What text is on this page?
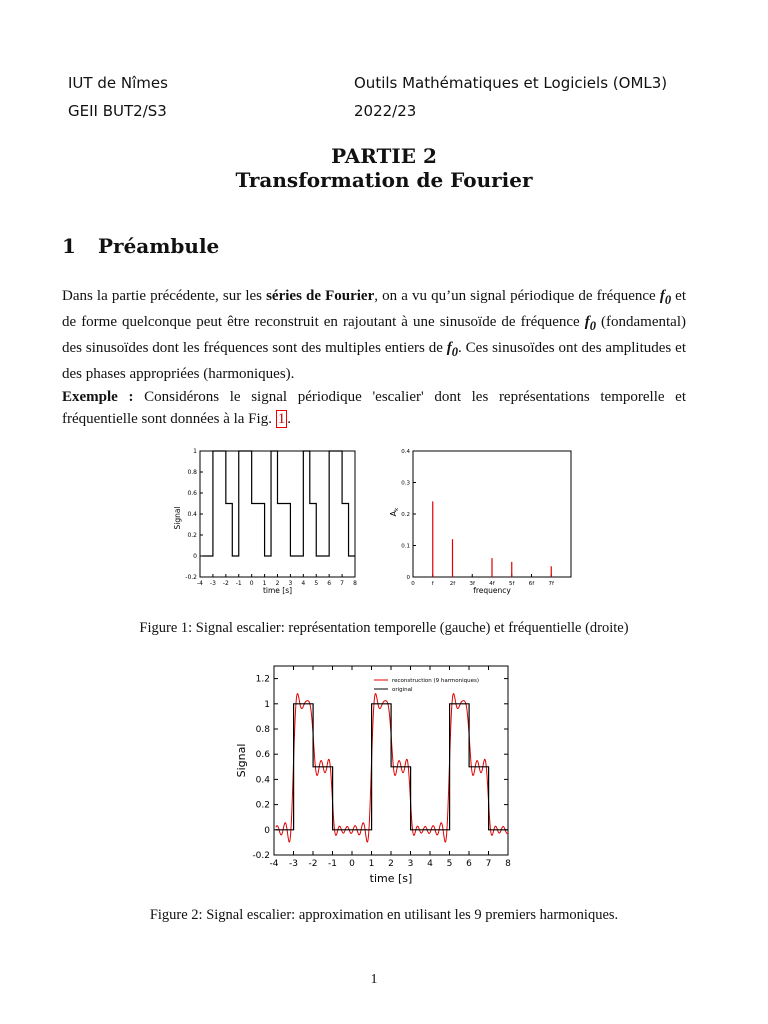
IUT de Nîmes
GEII BUT2/S3
Outils Mathématiques et Logiciels (OML3)
2022/23
PARTIE 2
Transformation de Fourier
1 Préambule
Dans la partie précédente, sur les séries de Fourier, on a vu qu’un signal périodique de fréquence $f_0$ et de forme quelconque peut être reconstruit en rajoutant à une sinusoïde de fréquence $f_0$ (fondamental) des sinusoïdes dont les fréquences sont des multiples entiers de $f_0$. Ces sinusoïdes ont des amplitudes et des phases appropriées (harmoniques).
Exemple : Considérons le signal périodique 'escalier' dont les représentations temporelle et fréquentielle sont données à la Fig. 1 .
-4 -3 -2 -1 0 1 2 3 4 5 6 7 8
-0.2
0
0.2
0.4
0.6
0.8
1
time [s]
Signal
0	f	2f	3f	4f	5f	6f	7f
0
0.1
0.2
0.3
0.4
frequency
$A_k$
-4 -3 -2 -1 0 1 2 3 4 5 6 7 8
-0.2
0
0.2
0.4
0.6
0.8
1
1.2
time [s]
Signal
reconstruction (9 harmoniques)
original
Figure 1: Signal escalier: représentation temporelle (gauche) et fréquentielle (droite)
Figure 2: Signal escalier: approximation en utilisant les 9 premiers harmoniques.
1
